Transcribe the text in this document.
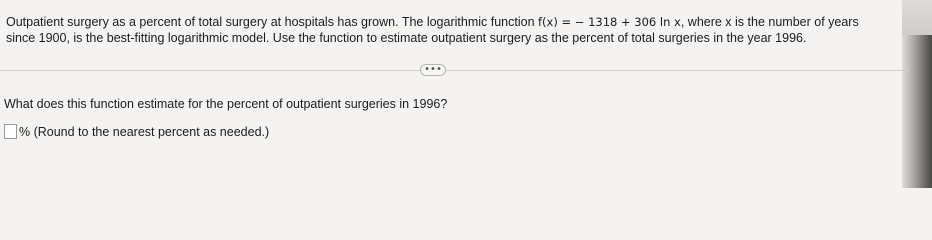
Outpatient surgery as a percent of total surgery at hospitals has grown. The logarithmic function f(x) = − 1318 + 306 ln x, where x is the number of years since 1900, is the best-fitting logarithmic model. Use the function to estimate outpatient surgery as the percent of total surgeries in the year 1996.
•••
What does this function estimate for the percent of outpatient surgeries in 1996?
% (Round to the nearest percent as needed.)
